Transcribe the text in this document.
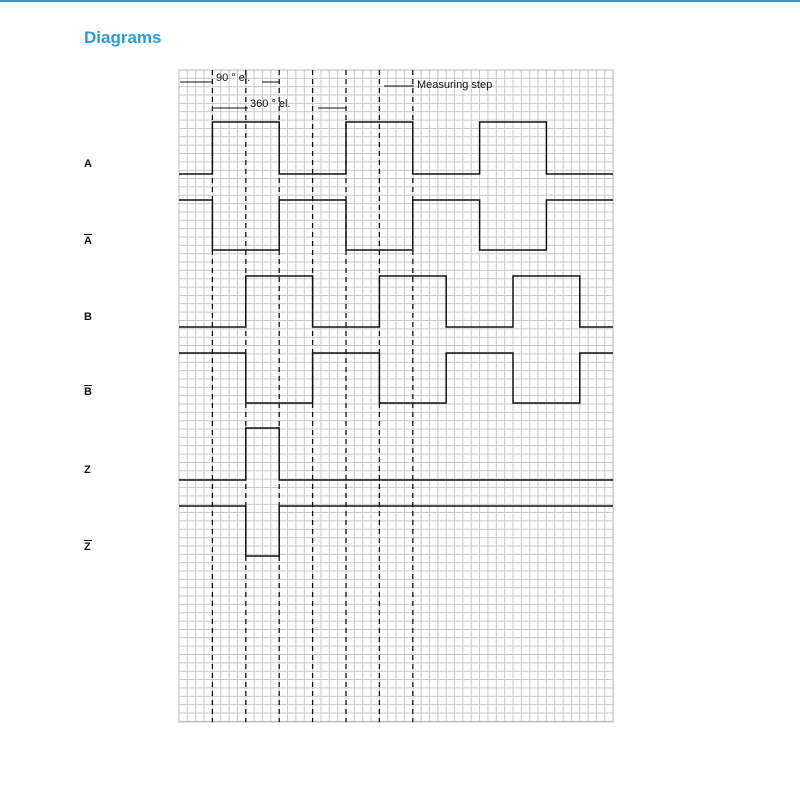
Diagrams
A
A
B
B
Z
Z
90 ° el.
360 ° el.
Measuring step
